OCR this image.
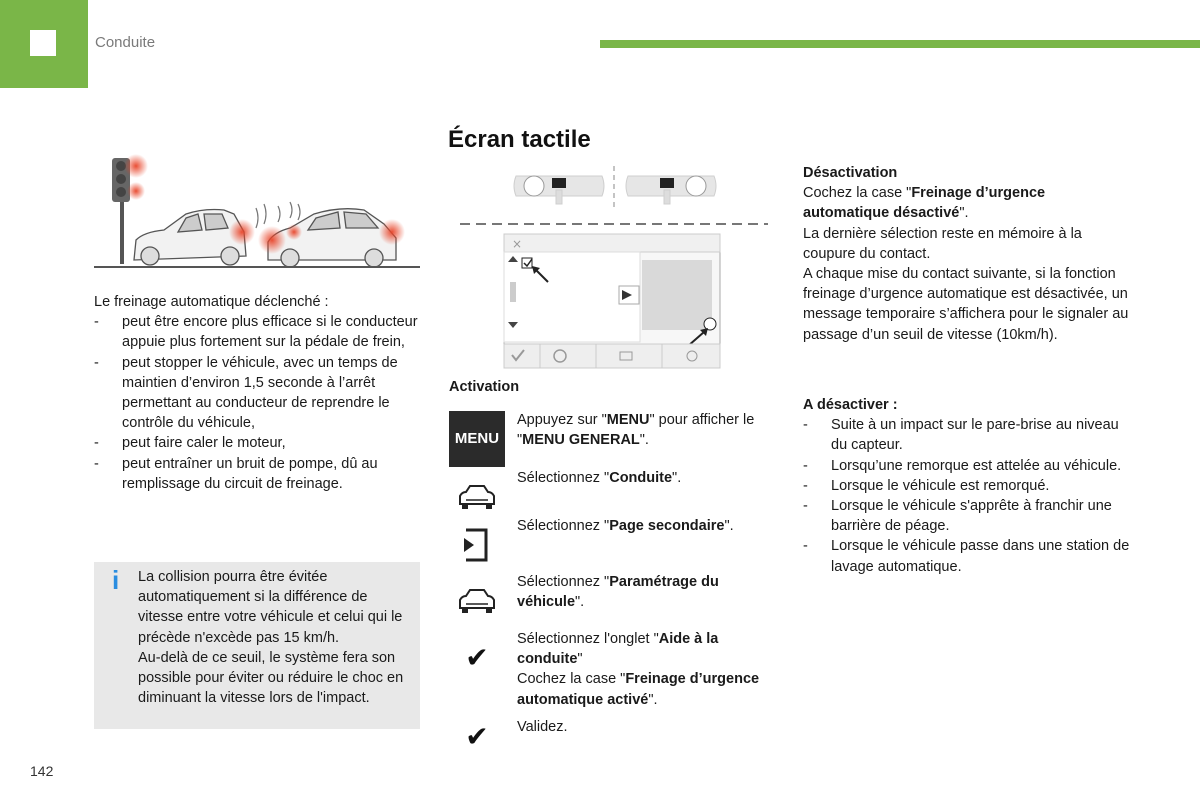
Conduite
Le freinage automatique déclenché :
- peut être encore plus efficace si le conducteur appuie plus fortement sur la pédale de frein,
- peut stopper le véhicule, avec un temps de maintien d’environ 1,5 seconde à l’arrêt permettant au conducteur de reprendre le contrôle du véhicule,
- peut faire caler le moteur,
- peut entraîner un bruit de pompe, dû au remplissage du circuit de freinage.
i La collision pourra être évitée automatiquement si la différence de vitesse entre votre véhicule et celui qui le précède n'excède pas 15 km/h.
Au-delà de ce seuil, le système fera son possible pour éviter ou réduire le choc en diminuant la vitesse lors de l'impact.
Écran tactile
×
Activation
MENU
Appuyez sur "MENU" pour afficher le "MENU GENERAL".
Sélectionnez "Conduite".
Sélectionnez "Page secondaire".
Sélectionnez "Paramétrage du véhicule".
✔
Sélectionnez l'onglet "Aide à la conduite"
Cochez la case "Freinage d’urgence automatique activé".
✔ Validez.
Désactivation
Cochez la case "Freinage d’urgence automatique désactivé".
La dernière sélection reste en mémoire à la coupure du contact.
A chaque mise du contact suivante, si la fonction freinage d’urgence automatique est désactivée, un message temporaire s’affichera pour le signaler au passage d’un seuil de vitesse (10km/h).
A désactiver :
- Suite à un impact sur le pare-brise au niveau du capteur.
- Lorsqu’une remorque est attelée au véhicule.
- Lorsque le véhicule est remorqué.
- Lorsque le véhicule s'apprête à franchir une barrière de péage.
- Lorsque le véhicule passe dans une station de lavage automatique.
142
